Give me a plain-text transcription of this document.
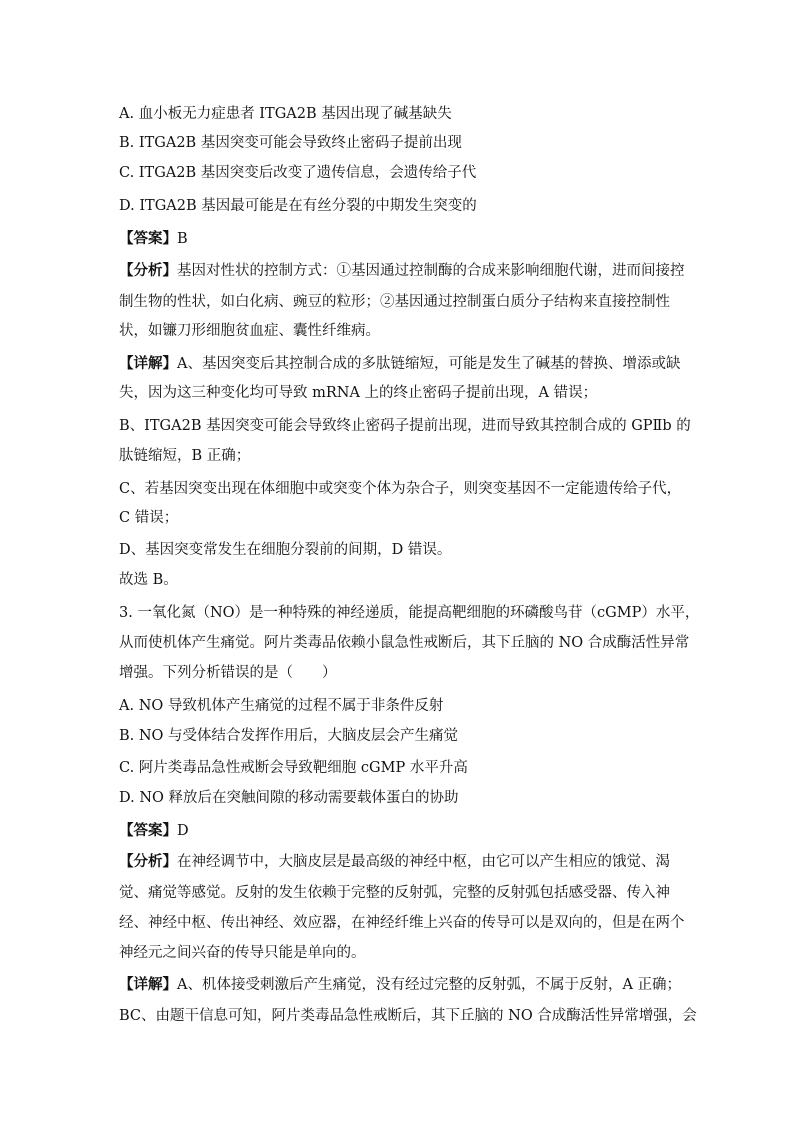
A. 血小板无力症患者 ITGA2B 基因出现了碱基缺失
B. ITGA2B 基因突变可能会导致终止密码子提前出现
C. ITGA2B 基因突变后改变了遗传信息，会遗传给子代
D. ITGA2B 基因最可能是在有丝分裂的中期发生突变的
【答案】B
【分析】基因对性状的控制方式：①基因通过控制酶的合成来影响细胞代谢，进而间接控
制生物的性状，如白化病、豌豆的粒形；②基因通过控制蛋白质分子结构来直接控制性
状，如镰刀形细胞贫血症、囊性纤维病。
【详解】A、基因突变后其控制合成的多肽链缩短，可能是发生了碱基的替换、增添或缺
失，因为这三种变化均可导致 mRNA 上的终止密码子提前出现，A 错误；
B、ITGA2B 基因突变可能会导致终止密码子提前出现，进而导致其控制合成的 GPⅡb 的
肽链缩短，B 正确；
C、若基因突变出现在体细胞中或突变个体为杂合子，则突变基因不一定能遗传给子代，
C 错误；
D、基因突变常发生在细胞分裂前的间期，D 错误。
故选 B。
3. 一氧化氮（NO）是一种特殊的神经递质，能提高靶细胞的环磷酸鸟苷（cGMP）水平，
从而使机体产生痛觉。阿片类毒品依赖小鼠急性戒断后，其下丘脑的 NO 合成酶活性异常
增强。下列分析错误的是（　　）
A. NO 导致机体产生痛觉的过程不属于非条件反射
B. NO 与受体结合发挥作用后，大脑皮层会产生痛觉
C. 阿片类毒品急性戒断会导致靶细胞 cGMP 水平升高
D. NO 释放后在突触间隙的移动需要载体蛋白的协助
【答案】D
【分析】在神经调节中，大脑皮层是最高级的神经中枢，由它可以产生相应的饿觉、渴
觉、痛觉等感觉。反射的发生依赖于完整的反射弧，完整的反射弧包括感受器、传入神
经、神经中枢、传出神经、效应器，在神经纤维上兴奋的传导可以是双向的，但是在两个
神经元之间兴奋的传导只能是单向的。
【详解】A、机体接受刺激后产生痛觉，没有经过完整的反射弧，不属于反射，A 正确；
BC、由题干信息可知，阿片类毒品急性戒断后，其下丘脑的 NO 合成酶活性异常增强，会
